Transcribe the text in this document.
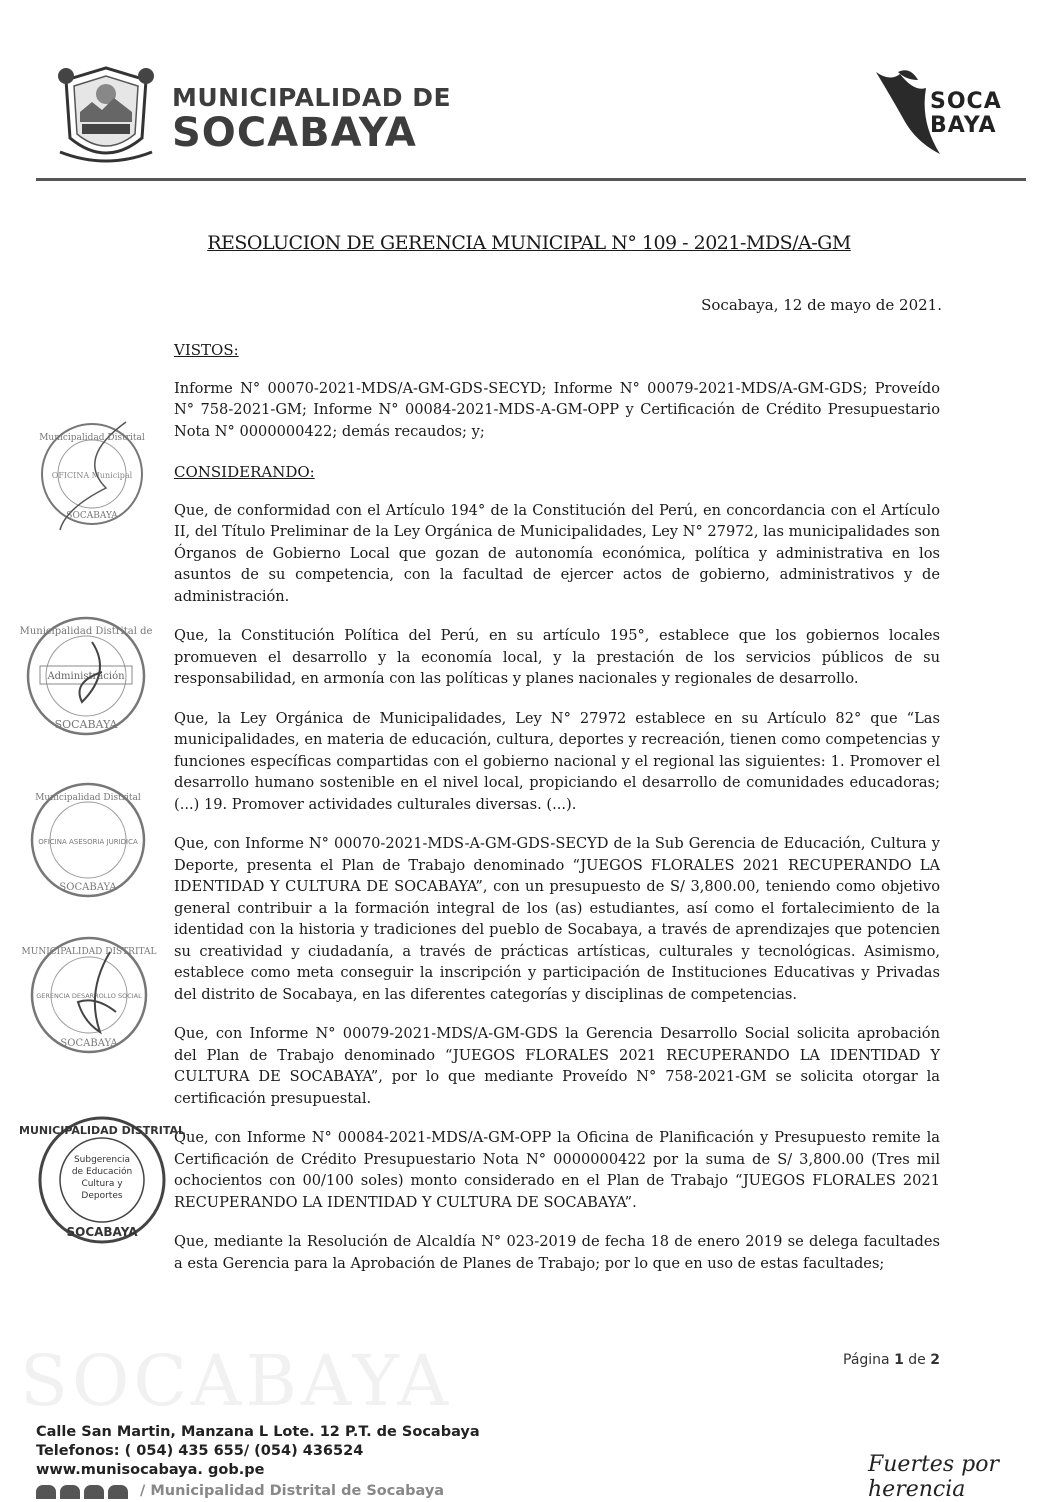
MUNICIPALIDAD DE
SOCABAYA
SOCA
BAYA
RESOLUCION DE GERENCIA MUNICIPAL N° 109 - 2021-MDS/A-GM
Socabaya, 12 de mayo de 2021.
VISTOS:

Informe N° 00070-2021-MDS/A-GM-GDS-SECYD; Informe N° 00079-2021-MDS/A-GM-GDS; Proveído N° 758-2021-GM; Informe N° 00084-2021-MDS-A-GM-OPP y Certificación de Crédito Presupuestario Nota N° 0000000422; demás recaudos; y;

CONSIDERANDO:

Que, de conformidad con el Artículo 194° de la Constitución del Perú, en concordancia con el Artículo II, del Título Preliminar de la Ley Orgánica de Municipalidades, Ley N° 27972, las municipalidades son Órganos de Gobierno Local que gozan de autonomía económica, política y administrativa en los asuntos de su competencia, con la facultad de ejercer actos de gobierno, administrativos y de administración.

Que, la Constitución Política del Perú, en su artículo 195°, establece que los gobiernos locales promueven el desarrollo y la economía local, y la prestación de los servicios públicos de su responsabilidad, en armonía con las políticas y planes nacionales y regionales de desarrollo.

Que, la Ley Orgánica de Municipalidades, Ley N° 27972 establece en su Artículo 82° que “Las municipalidades, en materia de educación, cultura, deportes y recreación, tienen como competencias y funciones específicas compartidas con el gobierno nacional y el regional las siguientes: 1. Promover el desarrollo humano sostenible en el nivel local, propiciando el desarrollo de comunidades educadoras; (...) 19. Promover actividades culturales diversas. (...).

Que, con Informe N° 00070-2021-MDS-A-GM-GDS-SECYD de la Sub Gerencia de Educación, Cultura y Deporte, presenta el Plan de Trabajo denominado “JUEGOS FLORALES 2021 RECUPERANDO LA IDENTIDAD Y CULTURA DE SOCABAYA”, con un presupuesto de S/ 3,800.00, teniendo como objetivo general contribuir a la formación integral de los (as) estudiantes, así como el fortalecimiento de la identidad con la historia y tradiciones del pueblo de Socabaya, a través de aprendizajes que potencien su creatividad y ciudadanía, a través de prácticas artísticas, culturales y tecnológicas. Asimismo, establece como meta conseguir la inscripción y participación de Instituciones Educativas y Privadas del distrito de Socabaya, en las diferentes categorías y disciplinas de competencias.

Que, con Informe N° 00079-2021-MDS/A-GM-GDS la Gerencia Desarrollo Social solicita aprobación del Plan de Trabajo denominado “JUEGOS FLORALES 2021 RECUPERANDO LA IDENTIDAD Y CULTURA DE SOCABAYA”, por lo que mediante Proveído N° 758-2021-GM se solicita otorgar la certificación presupuestal.

Que, con Informe N° 00084-2021-MDS/A-GM-OPP la Oficina de Planificación y Presupuesto remite la Certificación de Crédito Presupuestario Nota N° 0000000422 por la suma de S/ 3,800.00 (Tres mil ochocientos con 00/100 soles) monto considerado en el Plan de Trabajo “JUEGOS FLORALES 2021 RECUPERANDO LA IDENTIDAD Y CULTURA DE SOCABAYA”.

Que, mediante la Resolución de Alcaldía N° 023-2019 de fecha 18 de enero 2019 se delega facultades a esta Gerencia para la Aprobación de Planes de Trabajo; por lo que en uso de estas facultades;

Municipalidad Distrital
OFICINA Municipal
SOCABAYA
Municipalidad Distrital de
Administración
SOCABAYA
Municipalidad Distrital
OFICINA ASESORIA JURIDICA
SOCABAYA
MUNICIPALIDAD DISTRITAL
GERENCIA DESARROLLO SOCIAL
SOCABAYA
MUNICIPALIDAD DISTRITAL
Subgerencia
de Educación
Cultura y
Deportes
SOCABAYA
Página 1 de 2
SOCABAYA
Calle San Martin, Manzana L Lote. 12 P.T. de Socabaya
Telefonos: ( 054) 435 655/ (054) 436524
www.munisocabaya. gob.pe
/ Municipalidad Distrital de Socabaya
Fuertes por herencia
